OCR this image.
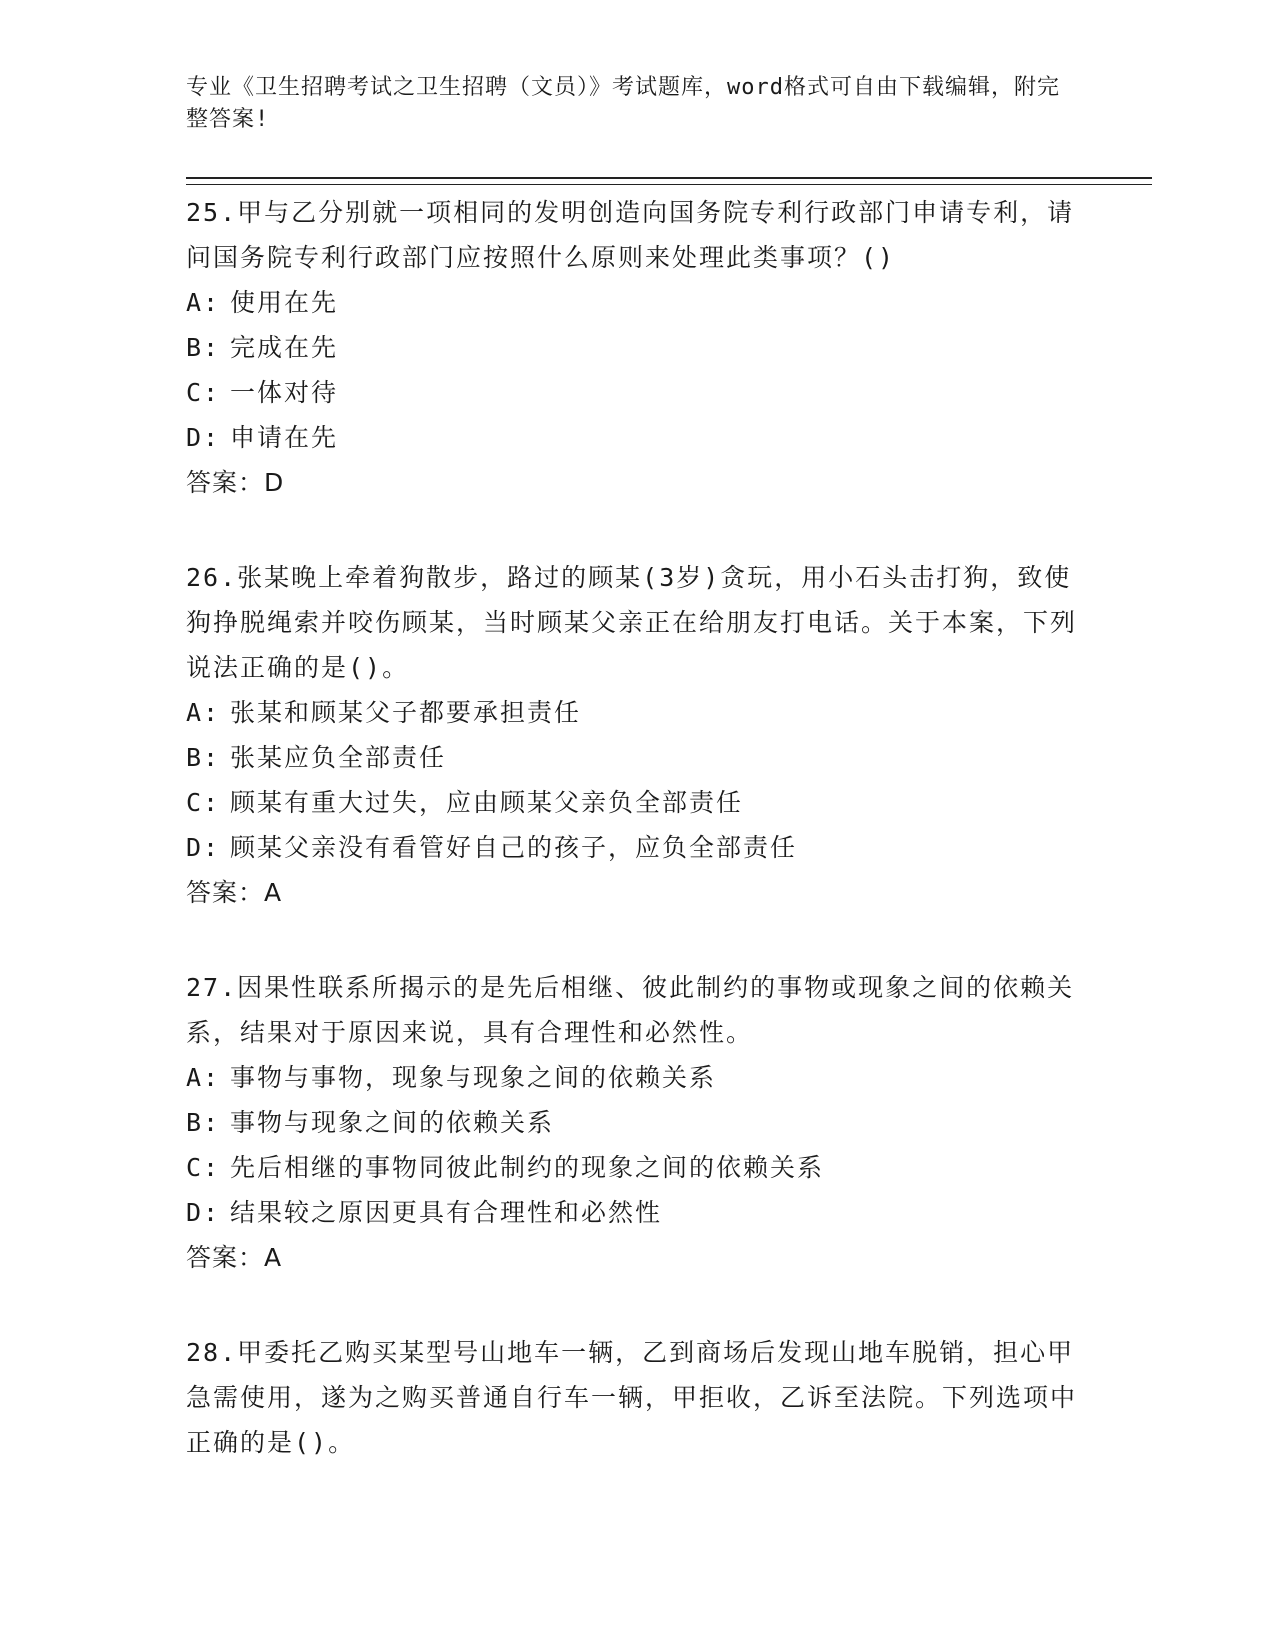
专业《卫生招聘考试之卫生招聘（文员）》考试题库，word格式可自由下载编辑，附完整答案!

25.甲与乙分别就一项相同的发明创造向国务院专利行政部门申请专利，请问国务院专利行政部门应按照什么原则来处理此类事项？()

A: 使用在先
B: 完成在先
C: 一体对待
D: 申请在先

答案：D

26.张某晚上牵着狗散步，路过的顾某(3岁)贪玩，用小石头击打狗，致使狗挣脱绳索并咬伤顾某，当时顾某父亲正在给朋友打电话。关于本案，下列说法正确的是()。

A: 张某和顾某父子都要承担责任
B: 张某应负全部责任
C: 顾某有重大过失，应由顾某父亲负全部责任
D: 顾某父亲没有看管好自己的孩子，应负全部责任

答案：A

27.因果性联系所揭示的是先后相继、彼此制约的事物或现象之间的依赖关系，结果对于原因来说，具有合理性和必然性。

A: 事物与事物，现象与现象之间的依赖关系
B: 事物与现象之间的依赖关系
C: 先后相继的事物同彼此制约的现象之间的依赖关系
D: 结果较之原因更具有合理性和必然性

答案：A

28.甲委托乙购买某型号山地车一辆，乙到商场后发现山地车脱销，担心甲急需使用，遂为之购买普通自行车一辆，甲拒收，乙诉至法院。下列选项中正确的是()。
